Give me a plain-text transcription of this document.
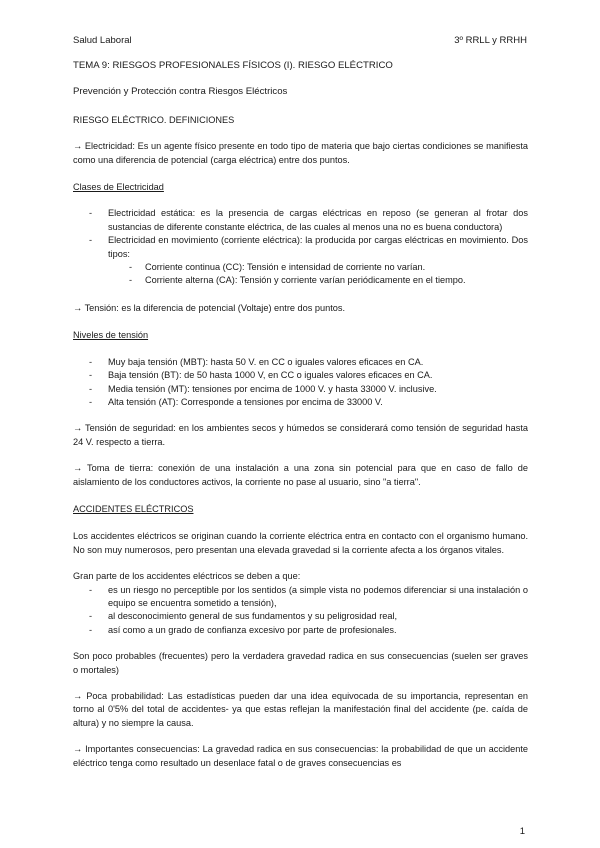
Salud Laboral	3º RRLL y RRHH

TEMA 9: RIESGOS PROFESIONALES FÍSICOS (I). RIESGO ELÉCTRICO

Prevención y Protección contra Riesgos Eléctricos

RIESGO ELÉCTRICO. DEFINICIONES

→ Electricidad: Es un agente físico presente en todo tipo de materia que bajo ciertas condiciones se manifiesta como una diferencia de potencial (carga eléctrica) entre dos puntos.

Clases de Electricidad

- Electricidad estática: es la presencia de cargas eléctricas en reposo (se generan al frotar dos sustancias de diferente constante eléctrica, de las cuales al menos una no es buena conductora)
- Electricidad en movimiento (corriente eléctrica): la producida por cargas eléctricas en movimiento. Dos tipos:
- Corriente continua (CC): Tensión e intensidad de corriente no varían.
- Corriente alterna (CA): Tensión y corriente varían periódicamente en el tiempo.

→ Tensión: es la diferencia de potencial (Voltaje) entre dos puntos.

Niveles de tensión

- Muy baja tensión (MBT): hasta 50 V. en CC o iguales valores eficaces en CA.
- Baja tensión (BT): de 50 hasta 1000 V, en CC o iguales valores eficaces en CA.
- Media tensión (MT): tensiones por encima de 1000 V. y hasta 33000 V. inclusive.
- Alta tensión (AT): Corresponde a tensiones por encima de 33000 V.

→ Tensión de seguridad: en los ambientes secos y húmedos se considerará como tensión de seguridad hasta 24 V. respecto a tierra.

→ Toma de tierra: conexión de una instalación a una zona sin potencial para que en caso de fallo de aislamiento de los conductores activos, la corriente no pase al usuario, sino "a tierra".

ACCIDENTES ELÉCTRICOS

Los accidentes eléctricos se originan cuando la corriente eléctrica entra en contacto con el organismo humano. No son muy numerosos, pero presentan una elevada gravedad si la corriente afecta a los órganos vitales.

Gran parte de los accidentes eléctricos se deben a que:

- es un riesgo no perceptible por los sentidos (a simple vista no podemos diferenciar si una instalación o equipo se encuentra sometido a tensión),
- al desconocimiento general de sus fundamentos y su peligrosidad real,
- así como a un grado de confianza excesivo por parte de profesionales.

Son poco probables (frecuentes) pero la verdadera gravedad radica en sus consecuencias (suelen ser graves o mortales)

→ Poca probabilidad: Las estadísticas pueden dar una idea equivocada de su importancia, representan en torno al 0'5% del total de accidentes- ya que estas reflejan la manifestación final del accidente (pe. caída de altura) y no siempre la causa.

→ Importantes consecuencias: La gravedad radica en sus consecuencias: la probabilidad de que un accidente eléctrico tenga como resultado un desenlace fatal o de graves consecuencias es

1
